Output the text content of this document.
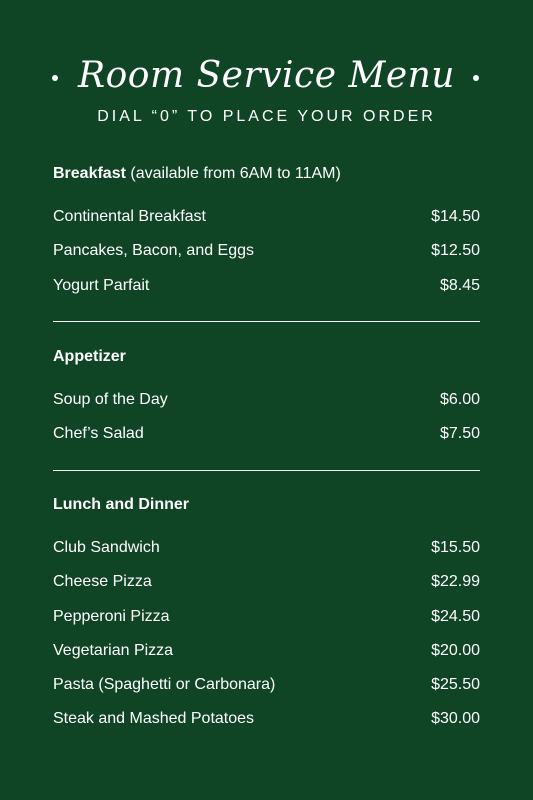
Room Service Menu
DIAL “0” TO PLACE YOUR ORDER
Breakfast (available from 6AM to 11AM)
Continental Breakfast	$14.50
Pancakes, Bacon, and Eggs	$12.50
Yogurt Parfait	$8.45
Appetizer
Soup of the Day	$6.00
Chef’s Salad	$7.50
Lunch and Dinner
Club Sandwich	$15.50
Cheese Pizza	$22.99
Pepperoni Pizza	$24.50
Vegetarian Pizza	$20.00
Pasta (Spaghetti or Carbonara)	$25.50
Steak and Mashed Potatoes	$30.00
